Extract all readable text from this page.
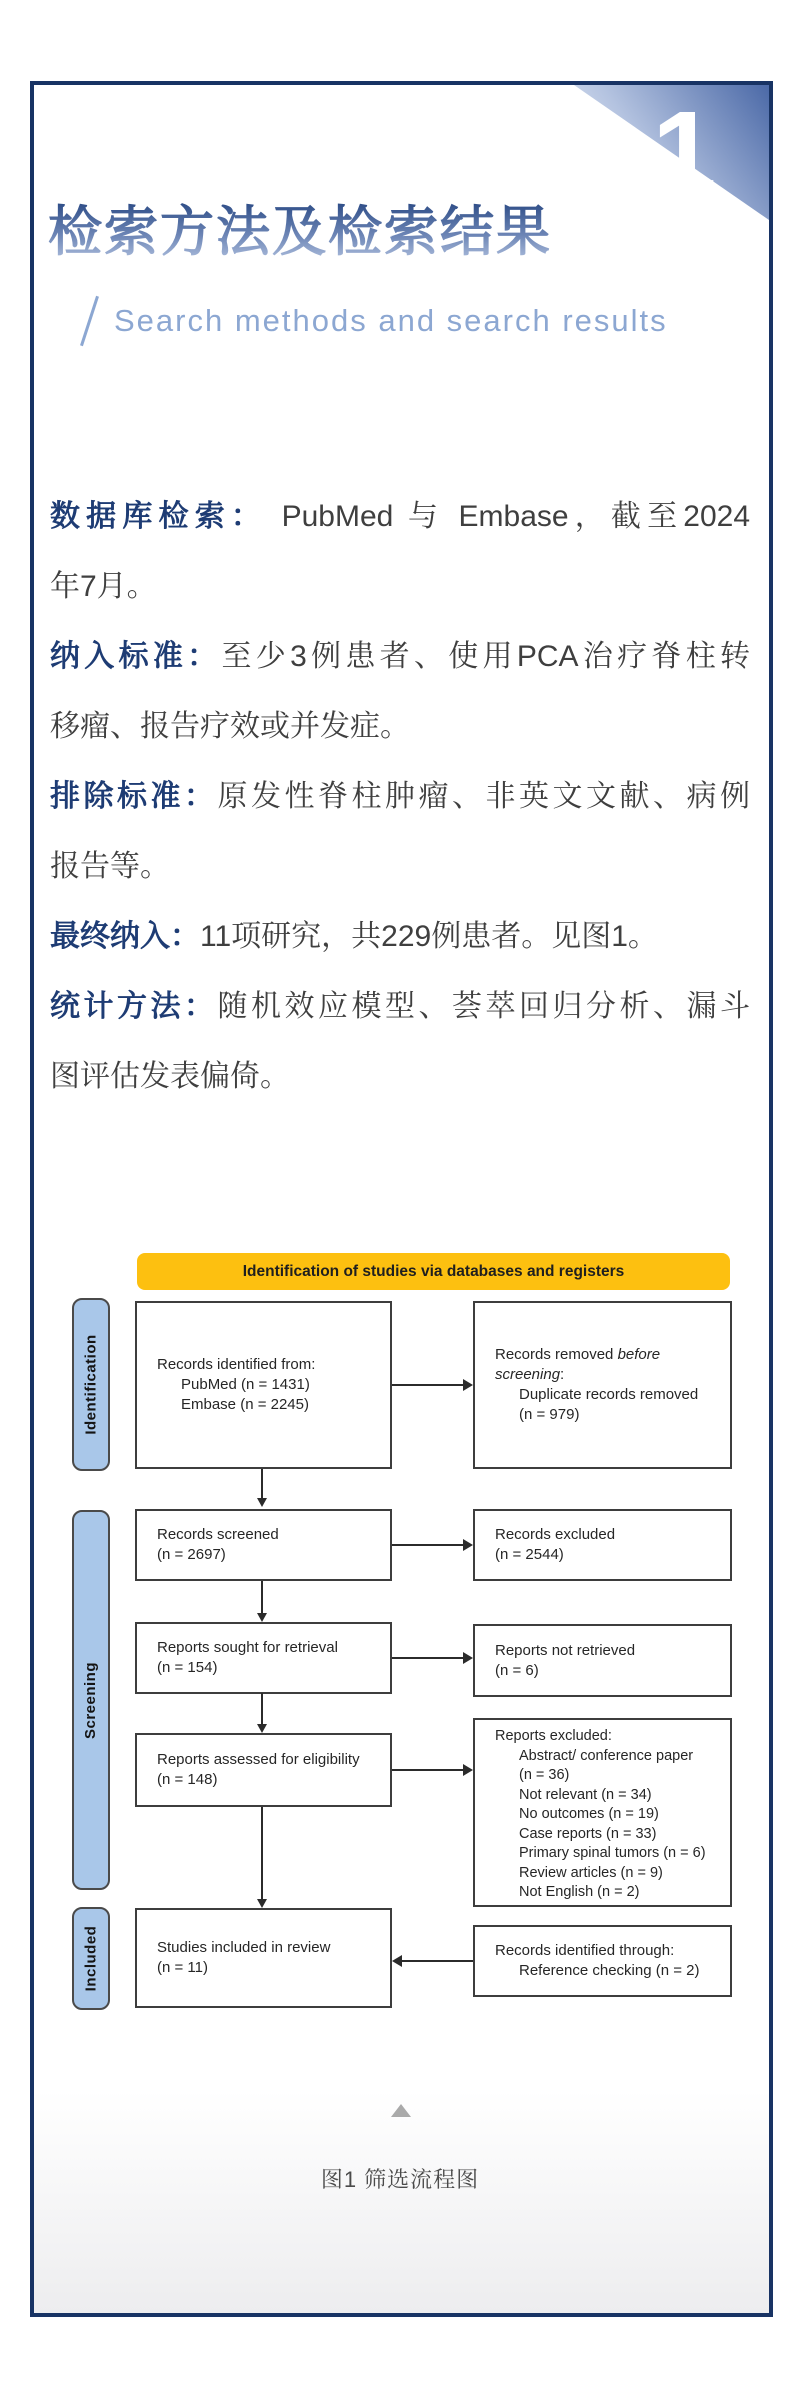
1
检索方法及检索结果
Search methods and search results
数据库检索： PubMed 与 Embase，截至2024
年7月。
纳入标准：至少3例患者、使用PCA治疗脊柱转
移瘤、报告疗效或并发症。
排除标准：原发性脊柱肿瘤、非英文文献、病例
报告等。
最终纳入：11项研究，共229例患者。见图1。
统计方法：随机效应模型、荟萃回归分析、漏斗
图评估发表偏倚。
Identification of studies via databases and registers
Records identified from:
PubMed (n = 1431)
Embase (n = 2245)
Records removed before
screening:
Duplicate records removed
(n = 979)
Records screened
(n = 2697)
Records excluded
(n = 2544)
Reports sought for retrieval
(n = 154)
Reports not retrieved
(n = 6)
Reports assessed for eligibility
(n = 148)
Reports excluded:
Abstract/ conference paper
(n = 36)
Not relevant (n = 34)
No outcomes (n = 19)
Case reports (n = 33)
Primary spinal tumors (n = 6)
Review articles (n = 9)
Not English (n = 2)
Studies included in review
(n = 11)
Records identified through:
Reference checking (n = 2)
Identification
Screening
Included
图1 筛选流程图
